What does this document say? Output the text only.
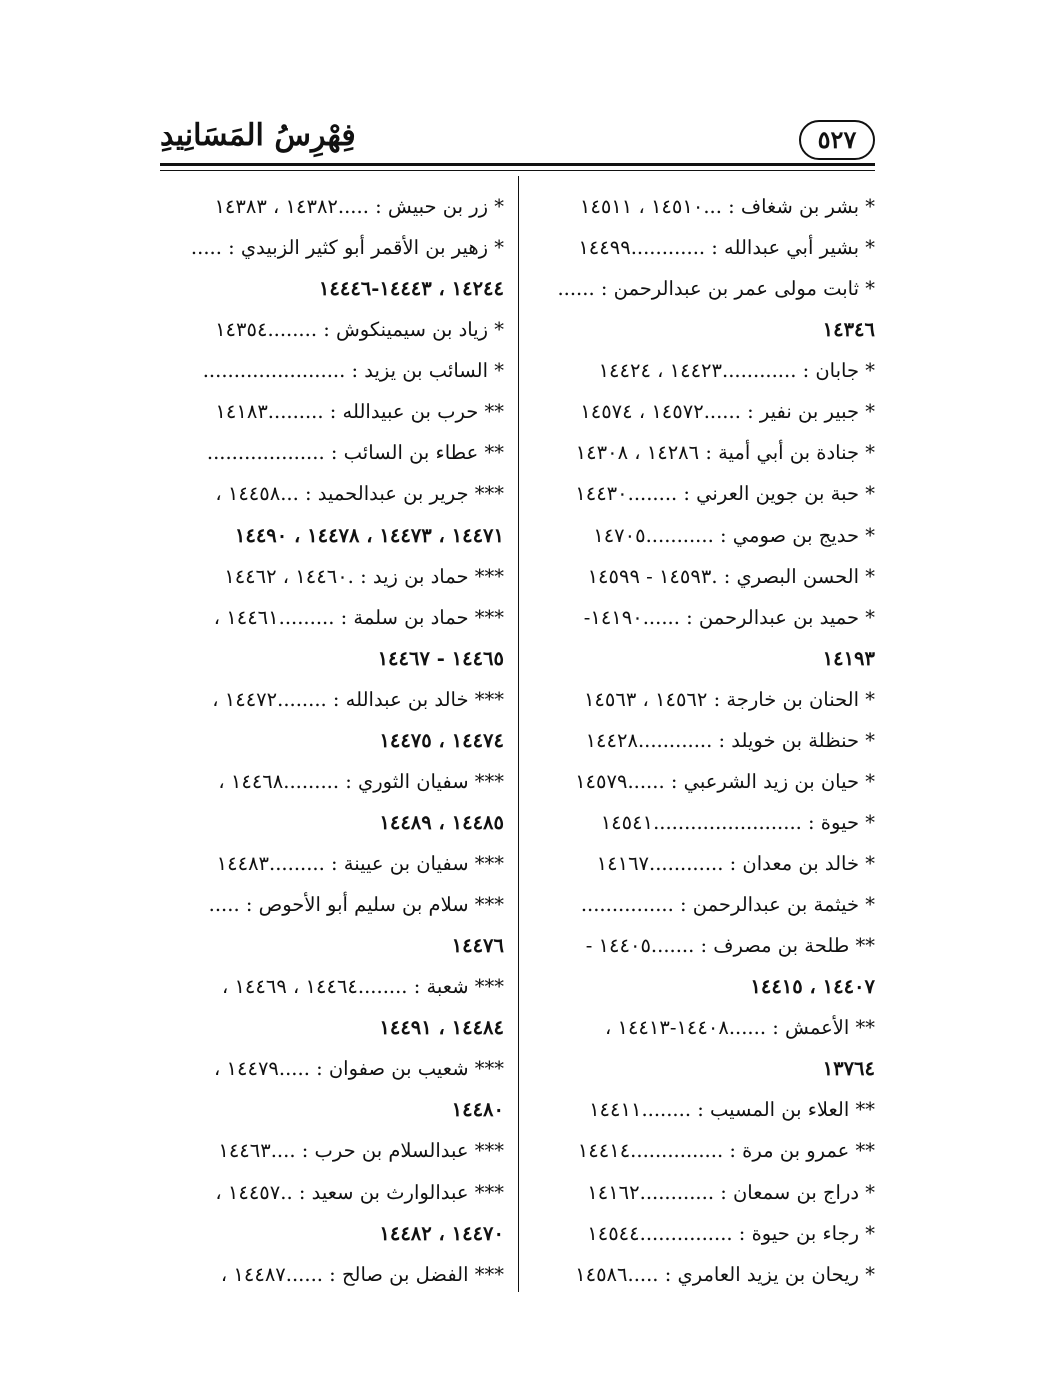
فِهْرِسُ المَسَانِيدِ	٥٢٧
* بشر بن شغاف : ...١٤٥١٠ ، ١٤٥١١
* بشير أبي عبدالله : ............١٤٤٩٩
* ثابت مولى عمر بن عبدالرحمن : ......
١٤٣٤٦
* جابان : ............١٤٤٢٣ ، ١٤٤٢٤
* جبير بن نفير : ......١٤٥٧٢ ، ١٤٥٧٤
* جنادة بن أبي أمية : ١٤٢٨٦ ، ١٤٣٠٨
* حبة بن جوين العرني : ........١٤٤٣٠
* حديج بن صومي : ...........١٤٧٠٥
* الحسن البصري : .١٤٥٩٣ - ١٤٥٩٩
* حميد بن عبدالرحمن : ......١٤١٩٠-
١٤١٩٣
* الحنان بن خارجة : ١٤٥٦٢ ، ١٤٥٦٣
* حنظلة بن خويلد : ............١٤٤٢٨
* حيان بن زيد الشرعبي : ......١٤٥٧٩
* حيوة : ........................١٤٥٤١
* خالد بن معدان : ............١٤١٦٧
* خيثمة بن عبدالرحمن : ...............
** طلحة بن مصرف : .......١٤٤٠٥ -
١٤٤٠٧ ، ١٤٤١٥
** الأعمش : ......١٤٤٠٨-١٤٤١٣ ،
١٣٧٦٤
** العلاء بن المسيب : ........١٤٤١١
** عمرو بن مرة : ...............١٤٤١٤
* دراج بن سمعان : ............١٤١٦٢
* رجاء بن حيوة : ...............١٤٥٤٤
* ريحان بن يزيد العامري : .....١٤٥٨٦
* زر بن حبيش : .....١٤٣٨٢ ، ١٤٣٨٣
* زهير بن الأقمر أبو كثير الزبيدي : .....
١٤٢٤٤ ، ١٤٤٤٣-١٤٤٤٦
* زياد بن سيمينكوش : ........١٤٣٥٤
* السائب بن يزيد : .......................
** حرب بن عبيدالله : .........١٤١٨٣
** عطاء بن السائب : ...................
*** جرير بن عبدالحميد : ...١٤٤٥٨ ،
١٤٤٧١ ، ١٤٤٧٣ ، ١٤٤٧٨ ، ١٤٤٩٠
*** حماد بن زيد : .١٤٤٦٠ ، ١٤٤٦٢
*** حماد بن سلمة : .........١٤٤٦١ ،
١٤٤٦٥ - ١٤٤٦٧
*** خالد بن عبدالله : ........١٤٤٧٢ ،
١٤٤٧٤ ، ١٤٤٧٥
*** سفيان الثوري : .........١٤٤٦٨ ،
١٤٤٨٥ ، ١٤٤٨٩
*** سفيان بن عيينة : .........١٤٤٨٣
*** سلام بن سليم أبو الأحوص : .....
١٤٤٧٦
*** شعبة : ........١٤٤٦٤ ، ١٤٤٦٩ ،
١٤٤٨٤ ، ١٤٤٩١
*** شعيب بن صفوان : .....١٤٤٧٩ ،
١٤٤٨٠
*** عبدالسلام بن حرب : ....١٤٤٦٣
*** عبدالوارث بن سعيد : ..١٤٤٥٧ ،
١٤٤٧٠ ، ١٤٤٨٢
*** الفضل بن صالح : ......١٤٤٨٧ ،
